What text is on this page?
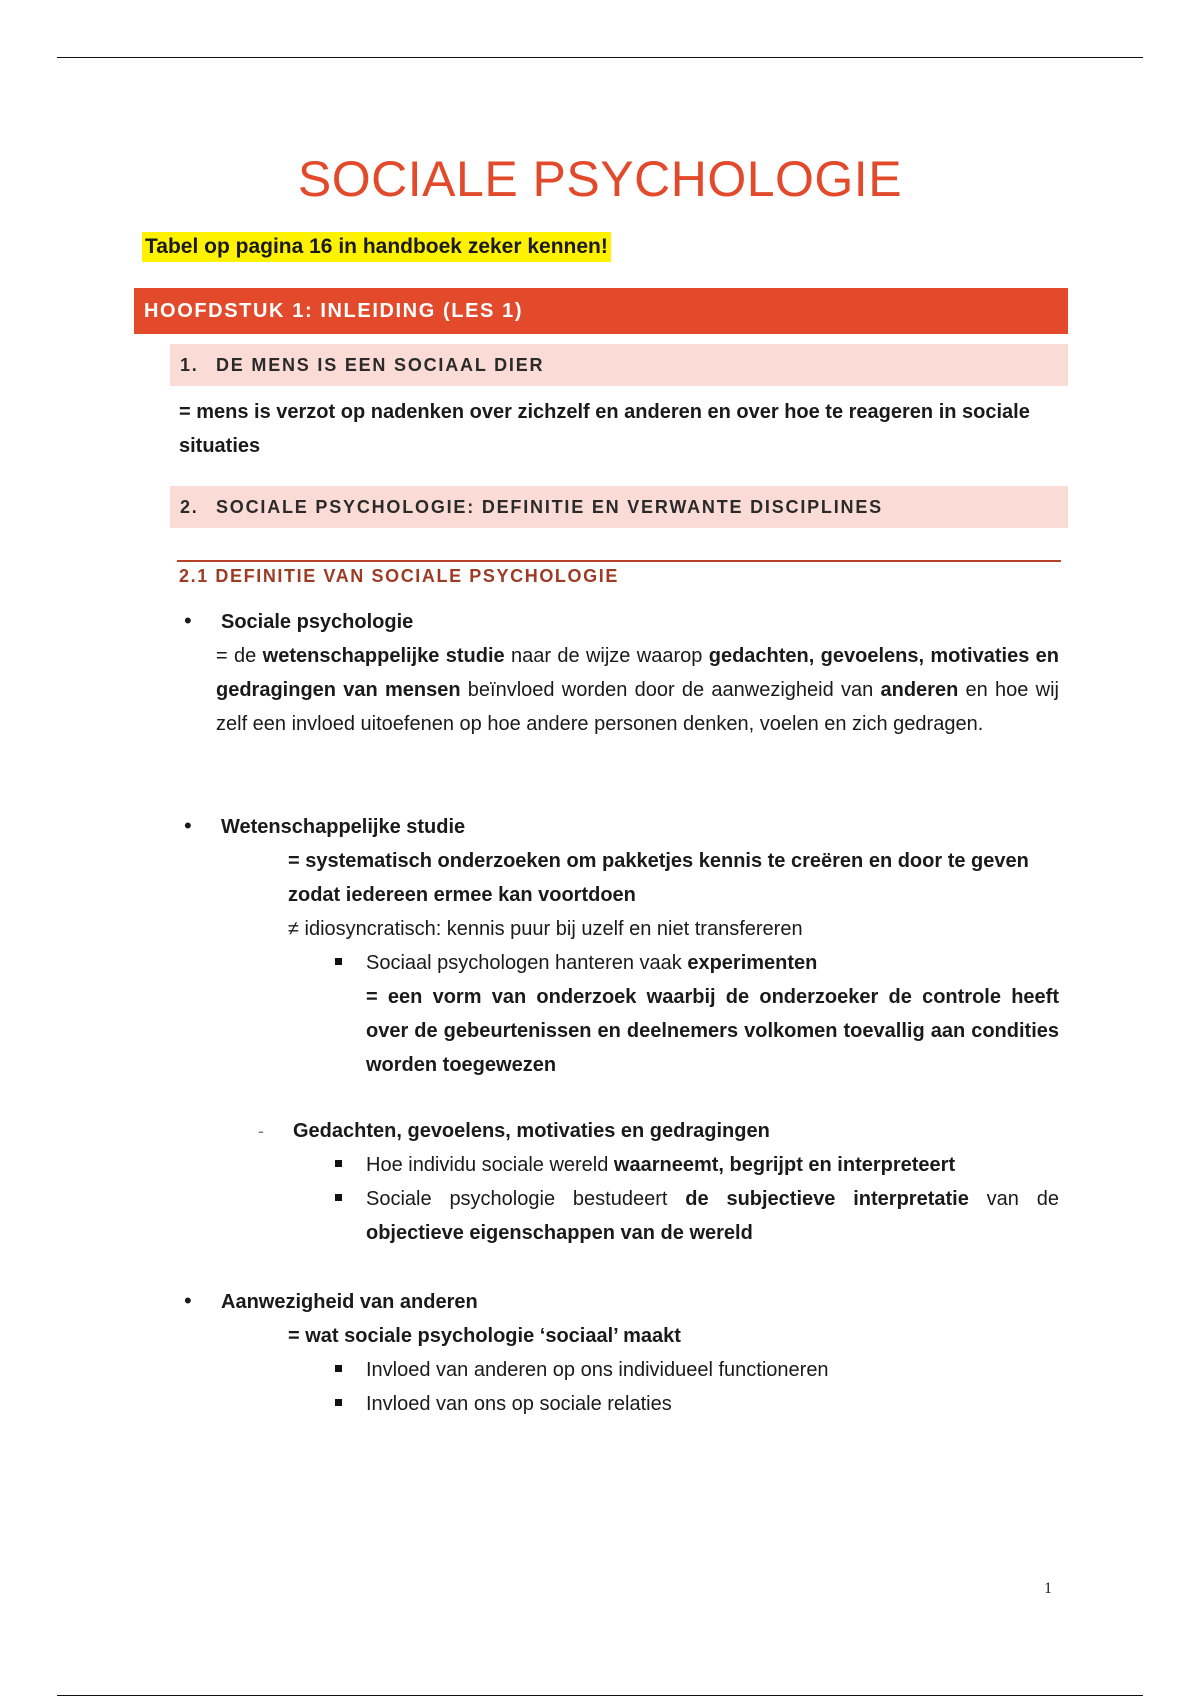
SOCIALE PSYCHOLOGIE
Tabel op pagina 16 in handboek zeker kennen!
HOOFDSTUK 1: INLEIDING (LES 1)
1. DE MENS IS EEN SOCIAAL DIER
= mens is verzot op nadenken over zichzelf en anderen en over hoe te reageren in sociale situaties
2. SOCIALE PSYCHOLOGIE: DEFINITIE EN VERWANTE DISCIPLINES
2.1 DEFINITIE VAN SOCIALE PSYCHOLOGIE
• Sociale psychologie
= de wetenschappelijke studie naar de wijze waarop gedachten, gevoelens, motivaties en gedragingen van mensen beïnvloed worden door de aanwezigheid van anderen en hoe wij zelf een invloed uitoefenen op hoe andere personen denken, voelen en zich gedragen.
• Wetenschappelijke studie
= systematisch onderzoeken om pakketjes kennis te creëren en door te geven zodat iedereen ermee kan voortdoen
≠ idiosyncratisch: kennis puur bij uzelf en niet transfereren
Sociaal psychologen hanteren vaak experimenten
= een vorm van onderzoek waarbij de onderzoeker de controle heeft over de gebeurtenissen en deelnemers volkomen toevallig aan condities worden toegewezen
- Gedachten, gevoelens, motivaties en gedragingen
Hoe individu sociale wereld waarneemt, begrijpt en interpreteert
Sociale psychologie bestudeert de subjectieve interpretatie van de objectieve eigenschappen van de wereld
• Aanwezigheid van anderen
= wat sociale psychologie ‘sociaal’ maakt
Invloed van anderen op ons individueel functioneren
Invloed van ons op sociale relaties
1
